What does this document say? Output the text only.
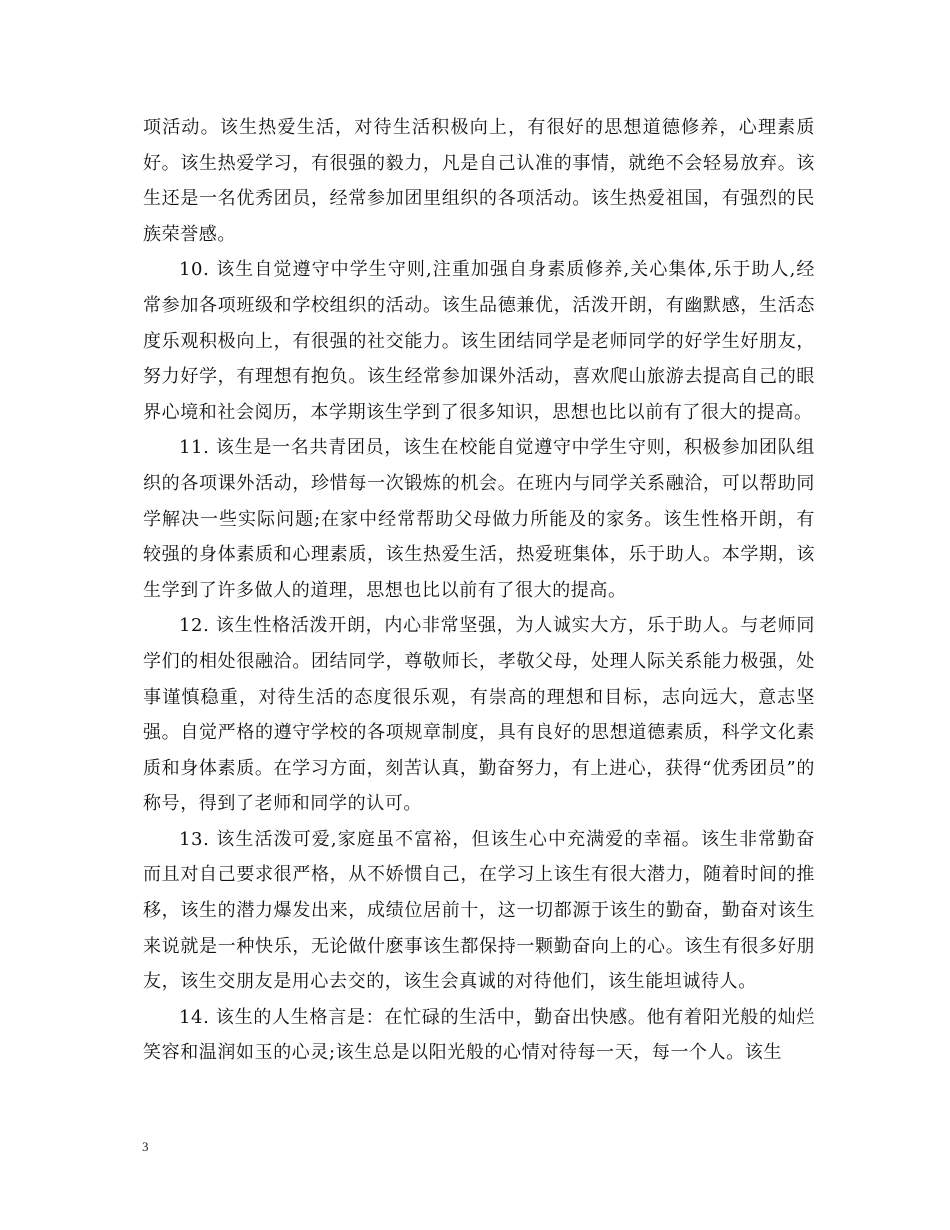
项活动。该生热爱生活，对待生活积极向上，有很好的思想道德修养，心理素质好。该生热爱学习，有很强的毅力，凡是自己认准的事情，就绝不会轻易放弃。该生还是一名优秀团员，经常参加团里组织的各项活动。该生热爱祖国，有强烈的民族荣誉感。

10. 该生自觉遵守中学生守则,注重加强自身素质修养,关心集体,乐于助人,经常参加各项班级和学校组织的活动。该生品德兼优，活泼开朗，有幽默感，生活态度乐观积极向上，有很强的社交能力。该生团结同学是老师同学的好学生好朋友，努力好学，有理想有抱负。该生经常参加课外活动，喜欢爬山旅游去提高自己的眼界心境和社会阅历，本学期该生学到了很多知识，思想也比以前有了很大的提高。

11. 该生是一名共青团员，该生在校能自觉遵守中学生守则，积极参加团队组织的各项课外活动，珍惜每一次锻炼的机会。在班内与同学关系融洽，可以帮助同学解决一些实际问题;在家中经常帮助父母做力所能及的家务。该生性格开朗，有较强的身体素质和心理素质，该生热爱生活，热爱班集体，乐于助人。本学期，该生学到了许多做人的道理，思想也比以前有了很大的提高。

12. 该生性格活泼开朗，内心非常坚强，为人诚实大方，乐于助人。与老师同学们的相处很融洽。团结同学，尊敬师长，孝敬父母，处理人际关系能力极强，处事谨慎稳重，对待生活的态度很乐观，有崇高的理想和目标，志向远大，意志坚强。自觉严格的遵守学校的各项规章制度，具有良好的思想道德素质，科学文化素质和身体素质。在学习方面，刻苦认真，勤奋努力，有上进心，获得“优秀团员”的称号，得到了老师和同学的认可。

13. 该生活泼可爱,家庭虽不富裕，但该生心中充满爱的幸福。该生非常勤奋而且对自己要求很严格，从不娇惯自己，在学习上该生有很大潜力，随着时间的推移，该生的潜力爆发出来，成绩位居前十，这一切都源于该生的勤奋，勤奋对该生来说就是一种快乐，无论做什麽事该生都保持一颗勤奋向上的心。该生有很多好朋友，该生交朋友是用心去交的，该生会真诚的对待他们，该生能坦诚待人。

14. 该生的人生格言是：在忙碌的生活中，勤奋出快感。他有着阳光般的灿烂笑容和温润如玉的心灵;该生总是以阳光般的心情对待每一天，每一个人。该生

3
